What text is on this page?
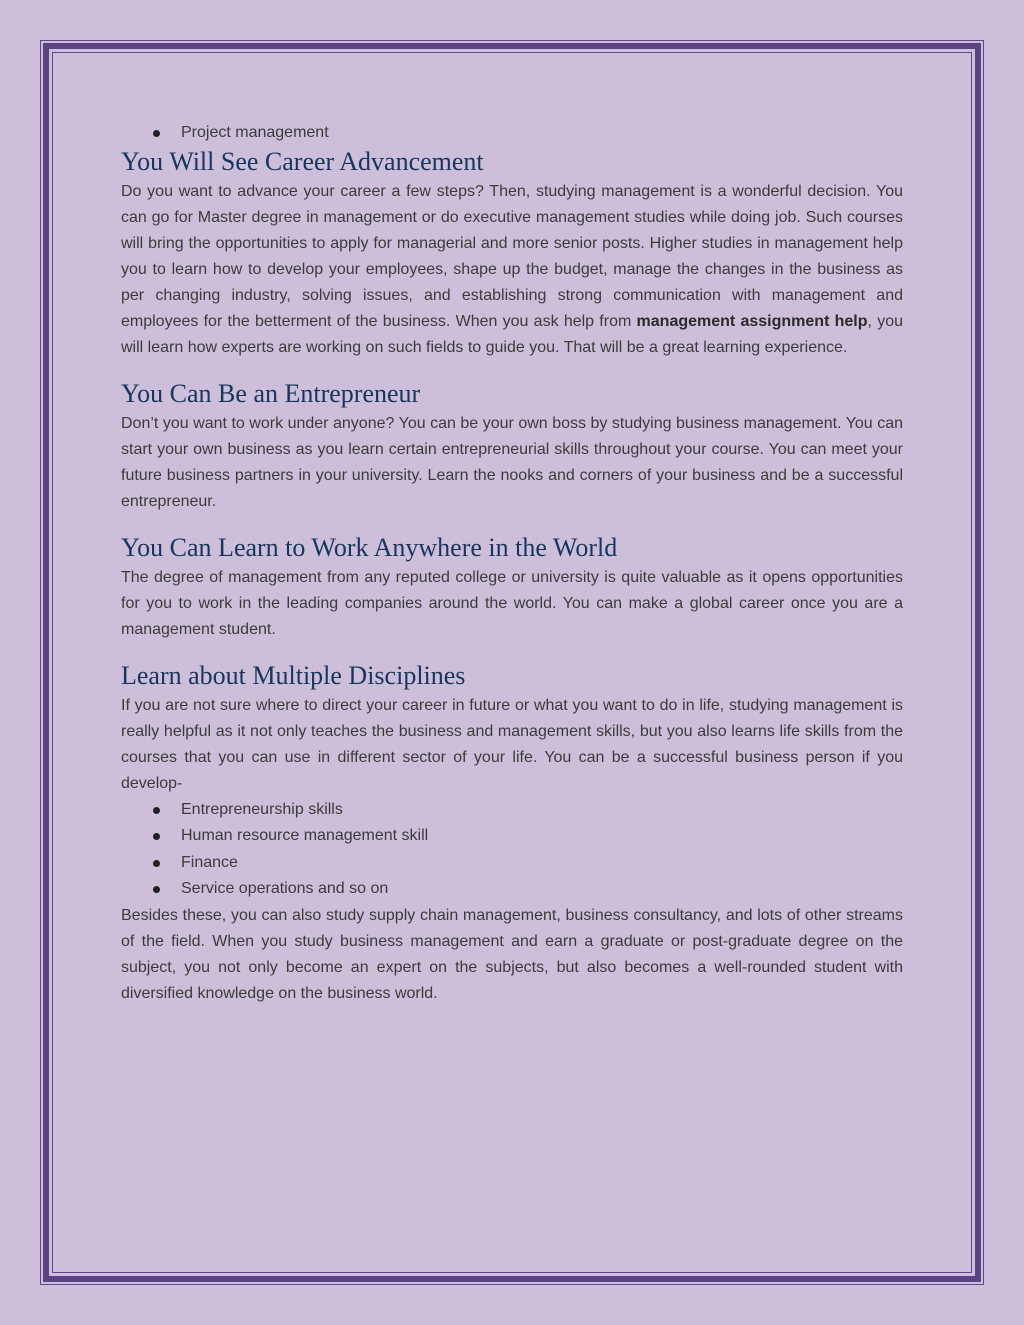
Project management
You Will See Career Advancement

Do you want to advance your career a few steps? Then, studying management is a wonderful decision. You can go for Master degree in management or do executive management studies while doing job. Such courses will bring the opportunities to apply for managerial and more senior posts. Higher studies in management help you to learn how to develop your employees, shape up the budget, manage the changes in the business as per changing industry, solving issues, and establishing strong communication with management and employees for the betterment of the business. When you ask help from management assignment help, you will learn how experts are working on such fields to guide you. That will be a great learning experience.

You Can Be an Entrepreneur

Don’t you want to work under anyone? You can be your own boss by studying business management. You can start your own business as you learn certain entrepreneurial skills throughout your course. You can meet your future business partners in your university. Learn the nooks and corners of your business and be a successful entrepreneur.

You Can Learn to Work Anywhere in the World

The degree of management from any reputed college or university is quite valuable as it opens opportunities for you to work in the leading companies around the world. You can make a global career once you are a management student.

Learn about Multiple Disciplines

If you are not sure where to direct your career in future or what you want to do in life, studying management is really helpful as it not only teaches the business and management skills, but you also learns life skills from the courses that you can use in different sector of your life. You can be a successful business person if you develop-

Entrepreneurship skills
Human resource management skill
Finance
Service operations and so on

Besides these, you can also study supply chain management, business consultancy, and lots of other streams of the field. When you study business management and earn a graduate or post-graduate degree on the subject, you not only become an expert on the subjects, but also becomes a well-rounded student with diversified knowledge on the business world.
